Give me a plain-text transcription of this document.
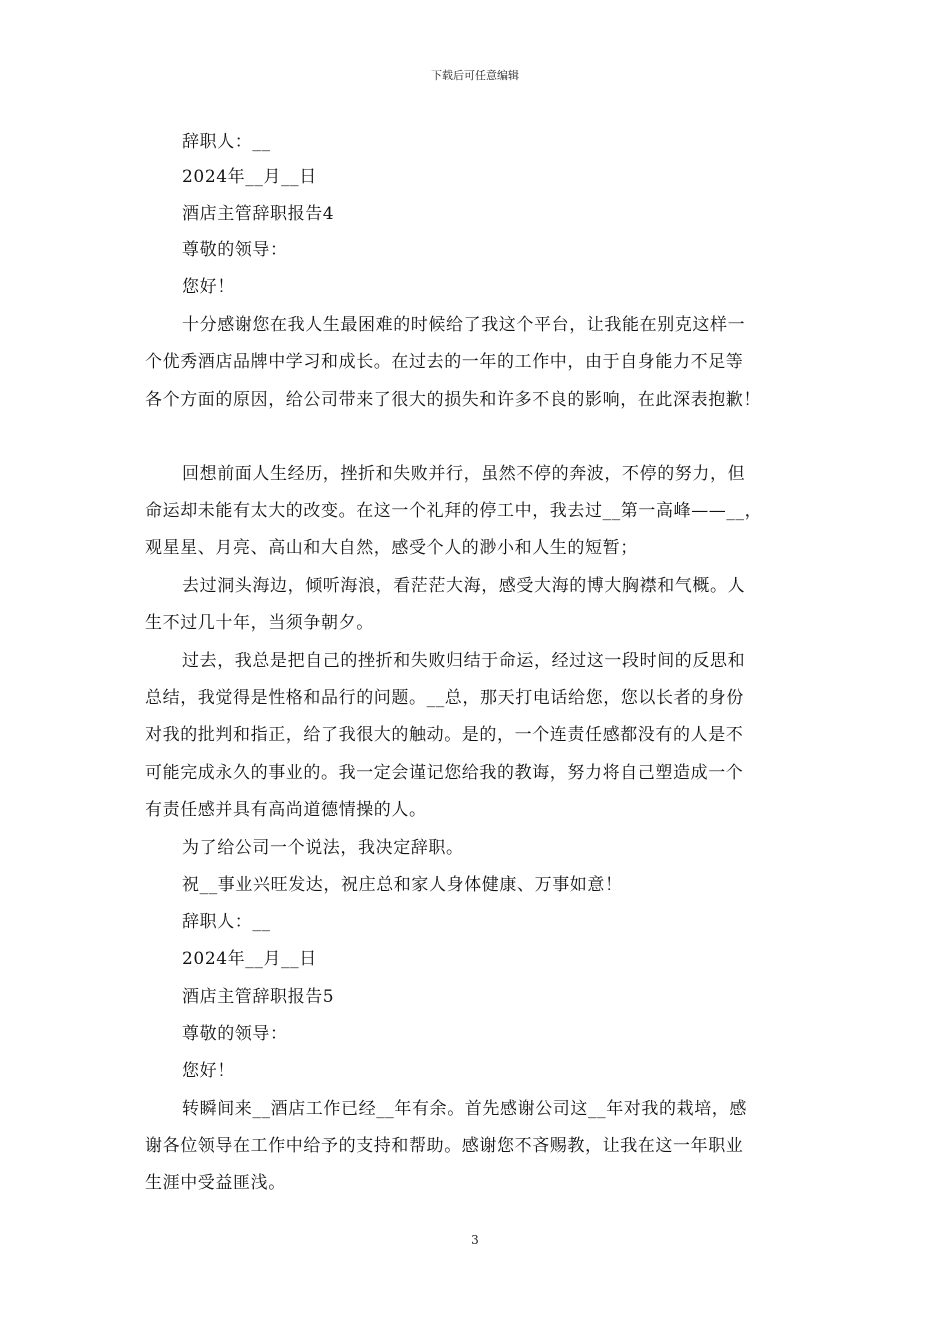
下载后可任意编辑
辞职人：__
2024年__月__日
酒店主管辞职报告4
尊敬的领导：
您好！
十分感谢您在我人生最困难的时候给了我这个平台，让我能在别克这样一
个优秀酒店品牌中学习和成长。在过去的一年的工作中，由于自身能力不足等
各个方面的原因，给公司带来了很大的损失和许多不良的影响，在此深表抱歉！
回想前面人生经历，挫折和失败并行，虽然不停的奔波，不停的努力，但
命运却未能有太大的改变。在这一个礼拜的停工中，我去过__第一高峰——__，
观星星、月亮、高山和大自然，感受个人的渺小和人生的短暂；
去过洞头海边，倾听海浪，看茫茫大海，感受大海的博大胸襟和气概。人
生不过几十年，当须争朝夕。
过去，我总是把自己的挫折和失败归结于命运，经过这一段时间的反思和
总结，我觉得是性格和品行的问题。__总，那天打电话给您，您以长者的身份
对我的批判和指正，给了我很大的触动。是的，一个连责任感都没有的人是不
可能完成永久的事业的。我一定会谨记您给我的教诲，努力将自己塑造成一个
有责任感并具有高尚道德情操的人。
为了给公司一个说法，我决定辞职。
祝__事业兴旺发达，祝庄总和家人身体健康、万事如意！
辞职人：__
2024年__月__日
酒店主管辞职报告5
尊敬的领导：
您好！
转瞬间来__酒店工作已经__年有余。首先感谢公司这__年对我的栽培，感
谢各位领导在工作中给予的支持和帮助。感谢您不吝赐教，让我在这一年职业
生涯中受益匪浅。
3
